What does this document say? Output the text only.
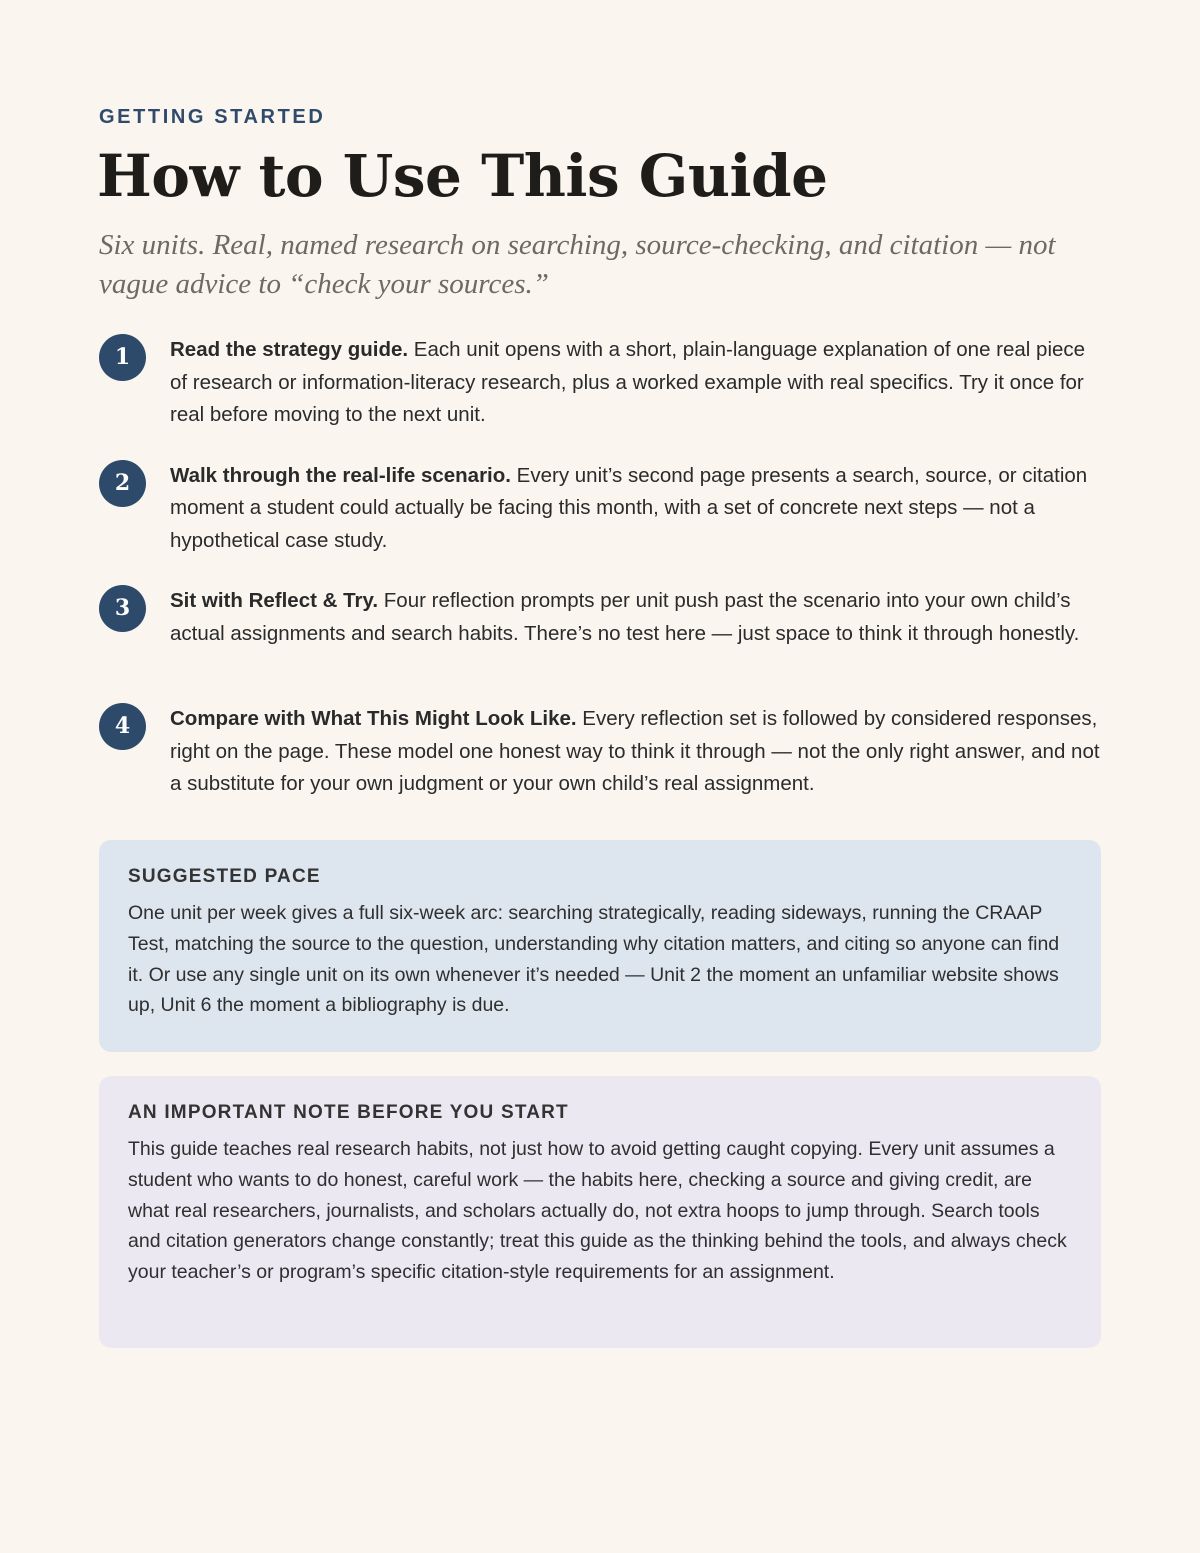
GETTING STARTED
How to Use This Guide

Six units. Real, named research on searching, source-checking, and citation — not vague advice to “check your sources.”

1	Read the strategy guide. Each unit opens with a short, plain-language explanation of one real piece of research or information-literacy research, plus a worked example with real specifics. Try it once for real before moving to the next unit.

2	Walk through the real-life scenario. Every unit’s second page presents a search, source, or citation moment a student could actually be facing this month, with a set of concrete next steps — not a hypothetical case study.

3	Sit with Reflect & Try. Four reflection prompts per unit push past the scenario into your own child’s actual assignments and search habits. There’s no test here — just space to think it through honestly.

4	Compare with What This Might Look Like. Every reflection set is followed by considered responses, right on the page. These model one honest way to think it through — not the only right answer, and not a substitute for your own judgment or your own child’s real assignment.

SUGGESTED PACE

One unit per week gives a full six-week arc: searching strategically, reading sideways, running the CRAAP Test, matching the source to the question, understanding why citation matters, and citing so anyone can find it. Or use any single unit on its own whenever it’s needed — Unit 2 the moment an unfamiliar website shows up, Unit 6 the moment a bibliography is due.

AN IMPORTANT NOTE BEFORE YOU START

This guide teaches real research habits, not just how to avoid getting caught copying. Every unit assumes a student who wants to do honest, careful work — the habits here, checking a source and giving credit, are what real researchers, journalists, and scholars actually do, not extra hoops to jump through. Search tools and citation generators change constantly; treat this guide as the thinking behind the tools, and always check your teacher’s or program’s specific citation-style requirements for an assignment.
